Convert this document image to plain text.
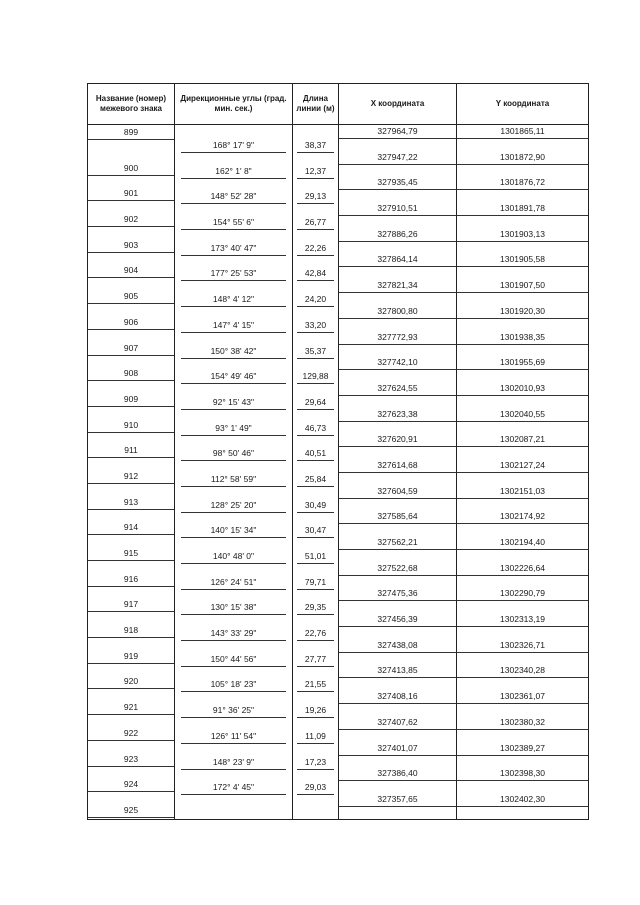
Название (номер) межевого знака	Дирекционные углы (град. мин. сек.)	Длина линии (м)	X координата	Y координата

899	168° 17' 9"	38,37	327964,79	1301865,11

900	162° 1' 8"	12,37	327947,22	1301872,90

901	148° 52' 28"	29,13	327935,45	1301876,72

902	154° 55' 6"	26,77	327910,51	1301891,78

903	173° 40' 47"	22,26	327886,26	1301903,13

904	177° 25' 53"	42,84	327864,14	1301905,58

905	148° 4' 12"	24,20	327821,34	1301907,50

906	147° 4' 15"	33,20	327800,80	1301920,30

907	150° 38' 42"	35,37	327772,93	1301938,35

908	154° 49' 46"	129,88	327742,10	1301955,69

909	92° 15' 43"	29,64	327624,55	1302010,93

910	93° 1' 49"	46,73	327623,38	1302040,55

911	98° 50' 46"	40,51	327620,91	1302087,21

912	112° 58' 59"	25,84	327614,68	1302127,24

913	128° 25' 20"	30,49	327604,59	1302151,03

914	140° 15' 34"	30,47	327585,64	1302174,92

915	140° 48' 0"	51,01	327562,21	1302194,40

916	126° 24' 51"	79,71	327522,68	1302226,64

917	130° 15' 38"	29,35	327475,36	1302290,79

918	143° 33' 29"	22,76	327456,39	1302313,19

919	150° 44' 56"	27,77	327438,08	1302326,71

920	105° 18' 23"	21,55	327413,85	1302340,28

921	91° 36' 25"	19,26	327408,16	1302361,07

922	126° 11' 54"	11,09	327407,62	1302380,32

923	148° 23' 9"	17,23	327401,07	1302389,27

924	172° 4' 45"	29,03	327386,40	1302398,30

925			327357,65	1302402,30
